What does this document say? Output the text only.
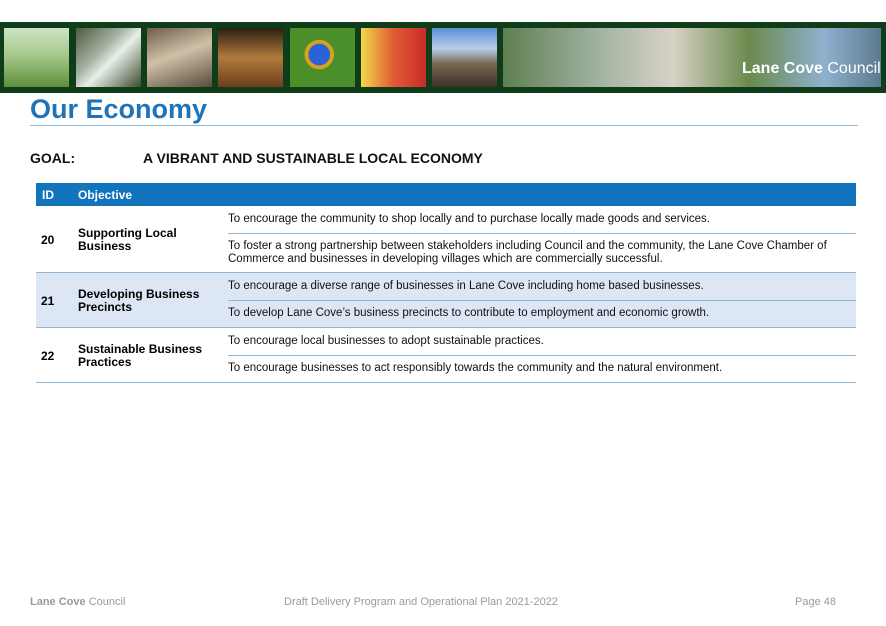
Lane Cove Council
Our Economy
GOAL:	A VIBRANT AND SUSTAINABLE LOCAL ECONOMY
ID Objective
20 Supporting Local Business
To encourage the community to shop locally and to purchase locally made goods and services.
To foster a strong partnership between stakeholders including Council and the community, the Lane Cove Chamber of Commerce and businesses in developing villages which are commercially successful.
21 Developing Business Precincts
To encourage a diverse range of businesses in Lane Cove including home based businesses.
To develop Lane Cove’s business precincts to contribute to employment and economic growth.
22 Sustainable Business Practices
To encourage local businesses to adopt sustainable practices.
To encourage businesses to act responsibly towards the community and the natural environment.
Lane Cove Council	Draft Delivery Program and Operational Plan 2021-2022	Page 48
